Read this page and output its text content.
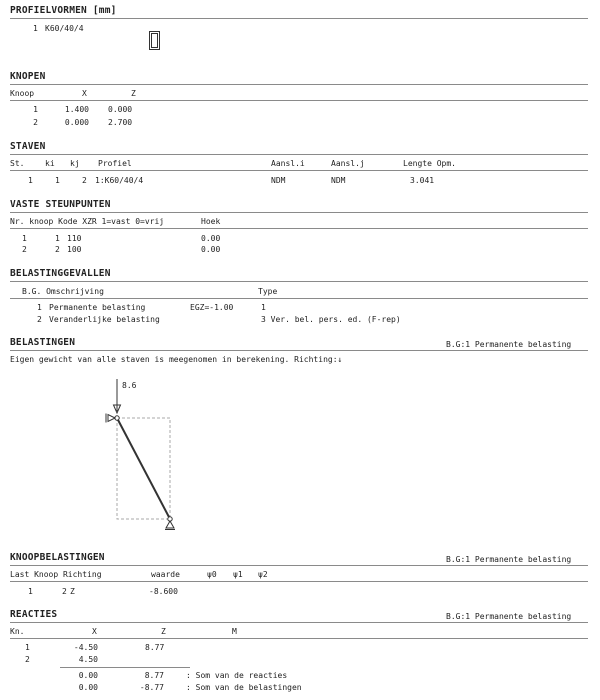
PROFIELVORMEN [mm]
1 K60/40/4
KNOPEN
Knoop	X	Z
1	1.400 0.000
2	0.000 2.700
STAVEN
St.	ki kj Profiel	Aansl.i	Aansl.j	Lengte Opm.
1	1	2 1:K60/40/4	NDM	NDM	3.041
VASTE STEUNPUNTEN
Nr. knoop Kode XZR 1=vast 0=vrij	Hoek
1	1 110	0.00
2	2 100	0.00
BELASTINGGEVALLEN
B.G. Omschrijving	Type
1 Permanente belasting	EGZ=-1.00	1
2 Veranderlijke belasting	3 Ver. bel. pers. ed. (F-rep)
BELASTINGEN	B.G:1 Permanente belasting
Eigen gewicht van alle staven is meegenomen in berekening. Richting:↓
8.6
KNOOPBELASTINGEN	B.G:1 Permanente belasting
Last Knoop Richting	waarde	ψ0 ψ1 ψ2
1	2 Z	-8.600
REACTIES	B.G:1 Permanente belasting
Kn.	X	Z	M
1	-4.50	8.77
2	4.50
0.00	8.77	: Som van de reacties
0.00	-8.77	: Som van de belastingen
